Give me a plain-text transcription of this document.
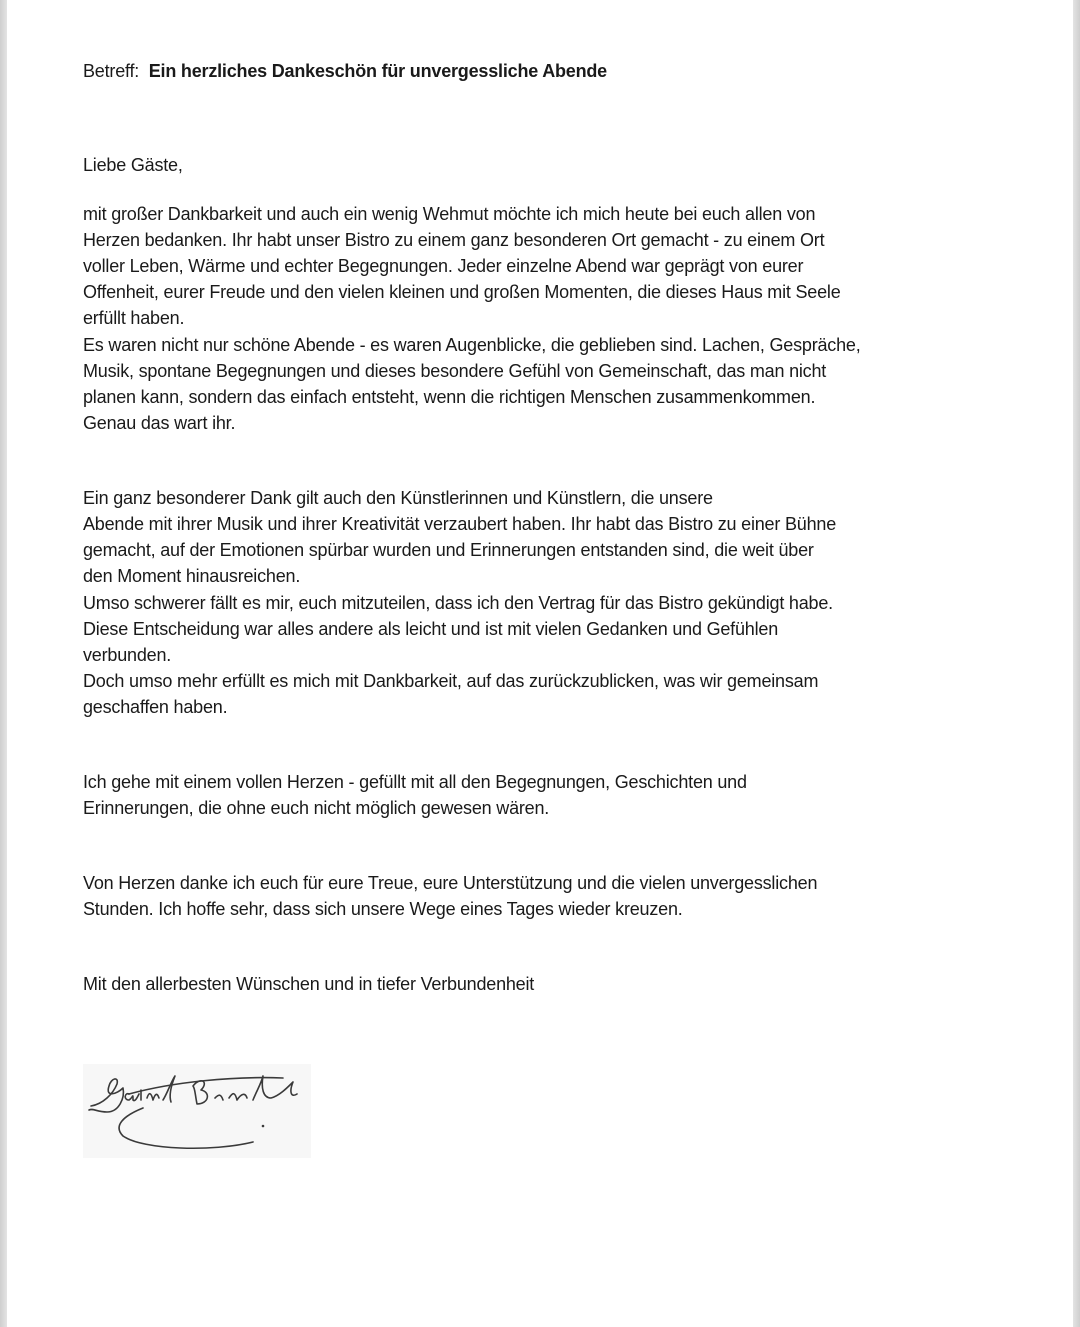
Betreff: Ein herzliches Dankeschön für unvergessliche Abende
Liebe Gäste,
mit großer Dankbarkeit und auch ein wenig Wehmut möchte ich mich heute bei euch allen von
Herzen bedanken. Ihr habt unser Bistro zu einem ganz besonderen Ort gemacht - zu einem Ort
voller Leben, Wärme und echter Begegnungen. Jeder einzelne Abend war geprägt von eurer
Offenheit, eurer Freude und den vielen kleinen und großen Momenten, die dieses Haus mit Seele
erfüllt haben.
Es waren nicht nur schöne Abende - es waren Augenblicke, die geblieben sind. Lachen, Gespräche,
Musik, spontane Begegnungen und dieses besondere Gefühl von Gemeinschaft, das man nicht
planen kann, sondern das einfach entsteht, wenn die richtigen Menschen zusammenkommen.
Genau das wart ihr.
Ein ganz besonderer Dank gilt auch den Künstlerinnen und Künstlern, die unsere
Abende mit ihrer Musik und ihrer Kreativität verzaubert haben. Ihr habt das Bistro zu einer Bühne
gemacht, auf der Emotionen spürbar wurden und Erinnerungen entstanden sind, die weit über
den Moment hinausreichen.
Umso schwerer fällt es mir, euch mitzuteilen, dass ich den Vertrag für das Bistro gekündigt habe.
Diese Entscheidung war alles andere als leicht und ist mit vielen Gedanken und Gefühlen
verbunden.
Doch umso mehr erfüllt es mich mit Dankbarkeit, auf das zurückzublicken, was wir gemeinsam
geschaffen haben.
Ich gehe mit einem vollen Herzen - gefüllt mit all den Begegnungen, Geschichten und
Erinnerungen, die ohne euch nicht möglich gewesen wären.
Von Herzen danke ich euch für eure Treue, eure Unterstützung und die vielen unvergesslichen
Stunden. Ich hoffe sehr, dass sich unsere Wege eines Tages wieder kreuzen.
Mit den allerbesten Wünschen und in tiefer Verbundenheit
